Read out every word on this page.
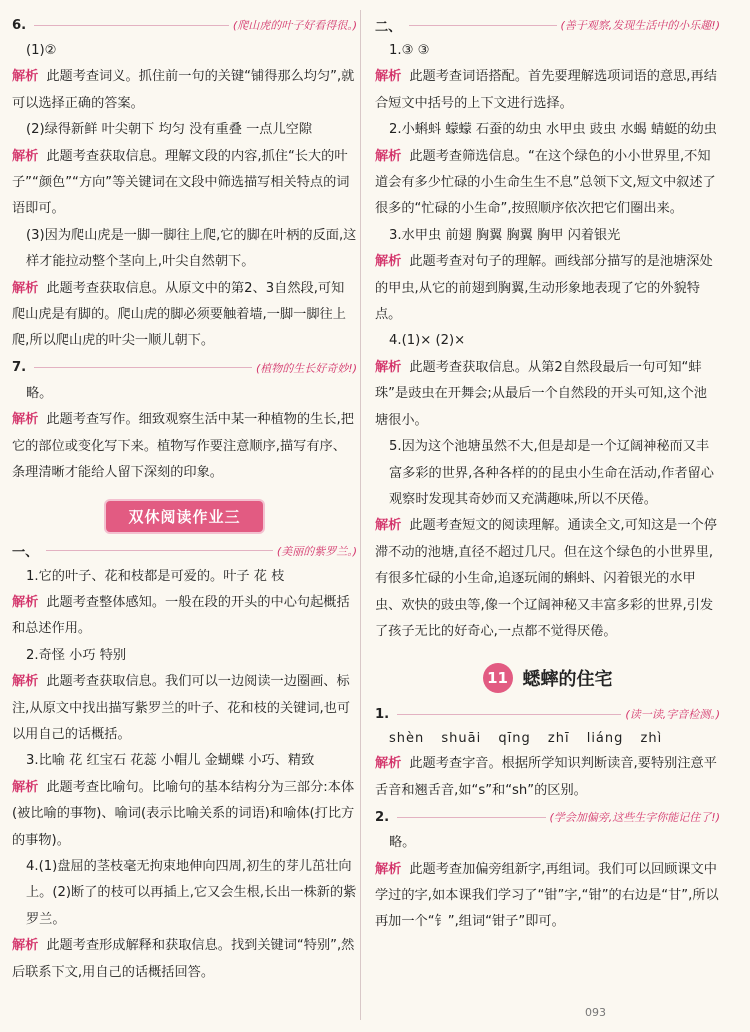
6.	(爬山虎的叶子好看得很。)

(1)②

解析 此题考查词义。抓住前一句的关键“铺得那么均匀”,就可以选择正确的答案。

(2)绿得新鲜 叶尖朝下 均匀 没有重叠 一点儿空隙

解析 此题考查获取信息。理解文段的内容,抓住“长大的叶子”“颜色”“方向”等关键词在文段中筛选描写相关特点的词语即可。

(3)因为爬山虎是一脚一脚往上爬,它的脚在叶柄的反面,这样才能拉动整个茎向上,叶尖自然朝下。

解析 此题考查获取信息。从原文中的第2、3自然段,可知爬山虎是有脚的。爬山虎的脚必须要触着墙,一脚一脚往上爬,所以爬山虎的叶尖一顺儿朝下。

7.	(植物的生长好奇妙!)

略。

解析 此题考查写作。细致观察生活中某一种植物的生长,把它的部位或变化写下来。植物写作要注意顺序,描写有序、条理清晰才能给人留下深刻的印象。

双休阅读作业三
一、	(美丽的紫罗兰。)

1.它的叶子、花和枝都是可爱的。叶子 花 枝

解析 此题考查整体感知。一般在段的开头的中心句起概括和总述作用。

2.奇怪 小巧 特别

解析 此题考查获取信息。我们可以一边阅读一边圈画、标注,从原文中找出描写紫罗兰的叶子、花和枝的关键词,也可以用自己的话概括。

3.比喻 花 红宝石 花蕊 小帽儿 金蝴蝶 小巧、精致

解析 此题考查比喻句。比喻句的基本结构分为三部分:本体(被比喻的事物)、喻词(表示比喻关系的词语)和喻体(打比方的事物)。

4.(1)盘屈的茎枝毫无拘束地伸向四周,初生的芽儿茁壮向上。(2)断了的枝可以再插上,它又会生根,长出一株新的紫罗兰。

解析 此题考查形成解释和获取信息。找到关键词“特别”,然后联系下文,用自己的话概括回答。

二、	(善于观察,发现生活中的小乐趣!)

1.③ ③

解析 此题考查词语搭配。首先要理解选项词语的意思,再结合短文中括号的上下文进行选择。

2.小蝌蚪 蠓蠓 石蚕的幼虫 水甲虫 豉虫 水蝎 蜻蜓的幼虫

解析 此题考查筛选信息。“在这个绿色的小小世界里,不知道会有多少忙碌的小生命生生不息”总领下文,短文中叙述了很多的“忙碌的小生命”,按照顺序依次把它们圈出来。

3.水甲虫 前翅 胸翼 胸翼 胸甲 闪着银光

解析 此题考查对句子的理解。画线部分描写的是池塘深处的甲虫,从它的前翅到胸翼,生动形象地表现了它的外貌特点。

4.(1)× (2)×

解析 此题考查获取信息。从第2自然段最后一句可知“蚌珠”是豉虫在开舞会;从最后一个自然段的开头可知,这个池塘很小。

5.因为这个池塘虽然不大,但是却是一个辽阔神秘而又丰富多彩的世界,各种各样的的昆虫小生命在活动,作者留心观察时发现其奇妙而又充满趣味,所以不厌倦。

解析 此题考查短文的阅读理解。通读全文,可知这是一个停滞不动的池塘,直径不超过几尺。但在这个绿色的小世界里,有很多忙碌的小生命,追逐玩闹的蝌蚪、闪着银光的水甲虫、欢快的豉虫等,像一个辽阔神秘又丰富多彩的世界,引发了孩子无比的好奇心,一点都不觉得厌倦。

11 蟋蟀的住宅
1.	(读一读,字音检测。)

shèn shuāi qīng zhī liáng zhì

解析 此题考查字音。根据所学知识判断读音,要特别注意平舌音和翘舌音,如“s”和“sh”的区别。

2.	(学会加偏旁,这些生字你能记住了!)

略。

解析 此题考查加偏旁组新字,再组词。我们可以回顾课文中学过的字,如本课我们学习了“钳”字,“钳”的右边是“甘”,所以再加一个“钅”,组词“钳子”即可。

093
